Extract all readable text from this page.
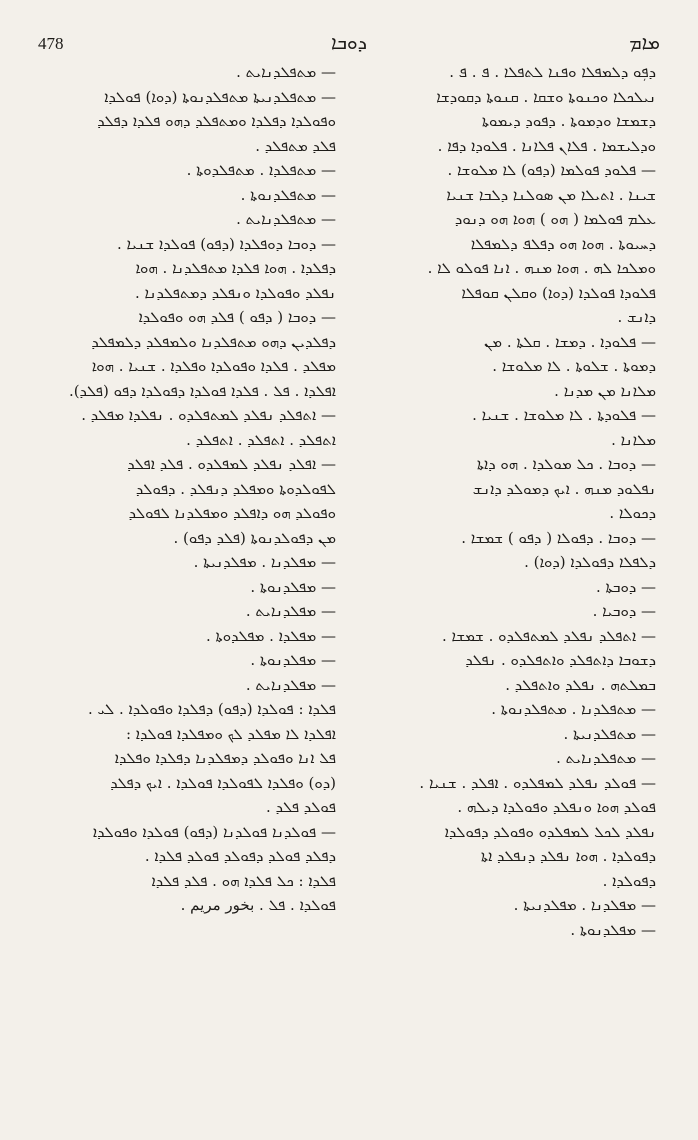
478	ܕܘܒܐ	ܡܐܡ
ܕܦܼܘ ܕܠܡܦܠܐ ܘܦܢܐ ܠܬܦܠܐ . ܦ . ܦ .
ܢܝܠܟܠܐ ܘܟܢܘܬܐ ܘܫܩܐ . ܩܢܘܬܐ ܕܩܘܕܫܐ
ܕܫܡܫܐ ܘܕܡܘܬܐ . ܕܦܘܕ ܕܝܡܘܬܐ
ܘܕܠܝܫܡܐ . ܦܠܐܢ ܦܠܐܢܐ . ܦܠܘܕܐ ܕܦܐ .
— ܦܠܘܕ ܦܘܠܡܐ (ܕܦܘ) ܠܐ ܡܠܘܫܐ .
ܫܝܢܐ . ܐܬܝܠܐ ܡܢ ܣܘܠܢܐ ܕܠܒܐ ܫܢܝܐ
ܥܠܡ ܦܘܠܡܐ ( ܗܘ ) ܗܘܐ ܗܘ ܕܢܘܕ
ܕܚܝܘܬܐ . ܗܘܐ ܗܘ ܕܦܠܦ ܕܠܡܦܠܐ
ܘܡܠܟܐ ܠܗ . ܗܘܐ ܡܢܗ . ܐܢܐ ܦܘܠܘ ܠܐ .
ܦܠܘܕܐ ܦܘܠܕܐ (ܕܘܐ) ܘܩܠܢ ܩܘܦܠܐ
ܕܐܢܫ .
— ܦܠܘܕܐ . ܕܡܫܐ . ܩܠܬܐ . ܡܢ
ܕܡܘܬܐ . ܫܠܘܬܐ . ܠܐ ܡܠܘܫܐ .
ܡܠܐܢܐ ܡܢ ܡܕܢܐ .
— ܦܠܘܕܬܐ . ܠܐ ܡܠܘܫܐ . ܫܢܝܐ .
ܡܠܐܢܐ .
— ܕܘܒܐ . ܟܠ ܡܘܠܕܐ . ܗܘ ܕܐܬܐ
ܢܦܠܘܕ ܡܢܗ . ܐܝܟ ܕܡܘܠܕ ܕܐܢܫ
ܕܟܘܠܐ .
— ܕܘܒܐ . ܕܦܘܠܐ ( ܕܦܘ ) ܫܡܫܐ .
ܕܠܦܠܐ ܕܦܘܠܕܐ (ܕܘܐ) .
— ܕܘܒܬܐ .
— ܕܘܒܝܐ .
— ܐܬܦܠܕ ܢܦܠܕ ܠܡܬܦܠܕܘ . ܫܡܫܐ .
ܕܫܘܒܐ ܕܐܬܦܠܕ ܘܐܬܦܠܕܘ . ܢܦܠܕ
ܒܡܠܬܗ . ܢܦܠܕ ܘܐܬܦܠܕ .
— ܡܬܦܠܕܢܐ . ܡܬܦܠܕܢܘܬܐ .
— ܡܬܦܠܕܢܝܬܐ .
— ܡܬܦܠܕܢܐܝܬ .
— ܦܘܠܕ ܢܦܠܕ ܠܡܦܠܕܘ . ܐܦܠܕ . ܫܢܝܐ .
ܦܘܠܕ ܗܘܐ ܘܢܦܠܕ ܘܦܘܠܕܐ ܕܝܠܗ .
ܢܦܠܕ ܠܟܠ ܠܡܦܠܕܘ ܘܦܘܠܕ ܕܦܘܠܕܐ
ܕܦܘܠܕܐ . ܗܘܐ ܢܦܠܕ ܕܢܦܠܕ ܐܬܐ
ܕܦܘܠܕܐ .
— ܡܦܠܕܢܐ . ܡܦܠܕܢܝܬܐ .
— ܡܦܠܕܢܘܬܐ .
— ܡܬܦܠܕܢܐܝܬ .
— ܡܬܦܠܕܢܝܬܐ ܡܬܦܠܕܢܘܬܐ (ܕܘܐ) ܦܘܠܕܐ
ܘܦܘܠܕܐ ܕܦܠܕܐ ܘܡܬܦܠܕ ܕܗܘ ܦܠܕܐ ܕܦܠܕ
ܦܠܕ ܡܬܦܠܕ .
— ܡܬܦܠܕܐ . ܡܬܦܠܕܘܬܐ .
— ܡܬܦܠܕܢܘܬܐ .
— ܡܬܦܠܕܢܐܝܬ .
— ܕܘܒܐ ܕܘܦܠܕܐ (ܕܦܘ) ܦܘܠܕܐ ܫܢܝܐ .
ܕܦܠܕܐ . ܗܘܐ ܦܠܕܐ ܡܬܦܠܕܢܐ . ܗܘܐ
ܢܦܠܕ ܘܦܘܠܕܐ ܘܢܦܠܕ ܕܡܬܦܠܕܢܐ .
— ܕܘܒܐ ( ܕܦܘ ) ܦܠܕ ܗܘ ܘܦܘܠܕܐ
ܕܦܠܕܝܢ ܕܗܘ ܡܬܦܠܕܢܐ ܘܠܡܦܠܕ ܕܠܡܦܠܕ
ܡܦܠܕ . ܦܠܕܐ ܘܦܘܠܕܐ ܘܦܠܕܐ . ܫܢܝܐ . ܗܘܐ
ܐܦܠܕܐ . ܦܠ . ܦܠܕܐ ܦܘܠܕܐ ܕܦܘܠܕܐ ܕܦܘ (ܦܠܕ).
— ܐܬܦܠܕ ܢܦܠܕ ܠܡܬܦܠܕܘ . ܢܦܠܕܐ ܡܦܠܕ .
ܐܬܦܠܕ . ܐܬܦܠܕ . ܐܬܦܠܕ .
— ܐܦܠܕ ܢܦܠܕ ܠܡܦܠܕܘ . ܦܠܕ ܐܦܠܕ
ܠܦܘܠܕܘܬܐ ܘܡܦܠܕ ܕܢܦܠܕ . ܕܦܘܠܕ
ܘܦܘܠܕ ܗܘ ܕܐܦܠܕ ܘܡܦܠܕܢܐ ܠܦܘܠܕ
ܡܢ ܕܦܘܠܕܢܘܬܐ (ܦܠܕ ܕܦܘ) .
— ܡܦܠܕܢܐ . ܡܦܠܕܢܝܬܐ .
— ܡܦܠܕܢܘܬܐ .
— ܡܦܠܕܢܐܝܬ .
— ܡܦܠܕܐ . ܡܦܠܕܘܬܐ .
— ܡܦܠܕܢܘܬܐ .
— ܡܦܠܕܢܐܝܬ .
ܦܠܕܐ : ܦܘܠܕܐ (ܕܦܘ) ܕܦܠܕܐ ܘܦܘܠܕܐ . ܠܝ .
ܐܦܠܕܐ ܠܐ ܡܦܠܕ ܠܟ ܘܡܦܠܕܐ ܦܘܠܕܐ :
ܦܠ ܐܢܐ ܘܦܘܠܕ ܕܡܦܠܕܢܐ ܕܦܠܕܐ ܘܦܠܕܐ
(ܕܘ) ܘܦܠܕܐ ܠܦܘܠܕܐ ܦܘܠܕܐ . ܐܝܟ ܕܦܠܕ
ܦܘܠܕ ܦܠܕ .
— ܦܘܠܕܢܐ ܦܘܠܕܢܐ (ܕܦܘ) ܦܘܠܕܐ ܘܦܘܠܕܐ
ܕܦܠܕ ܦܘܠܕ ܕܦܘܠܕ ܦܘܠܕ ܦܠܕܐ .
ܦܠܕܐ : ܟܠ ܦܠܕܐ ܗܘ . ܦܠܕ ܦܠܕܐ
ܦܘܠܕܐ . ܦܠ . بخور مريم .
